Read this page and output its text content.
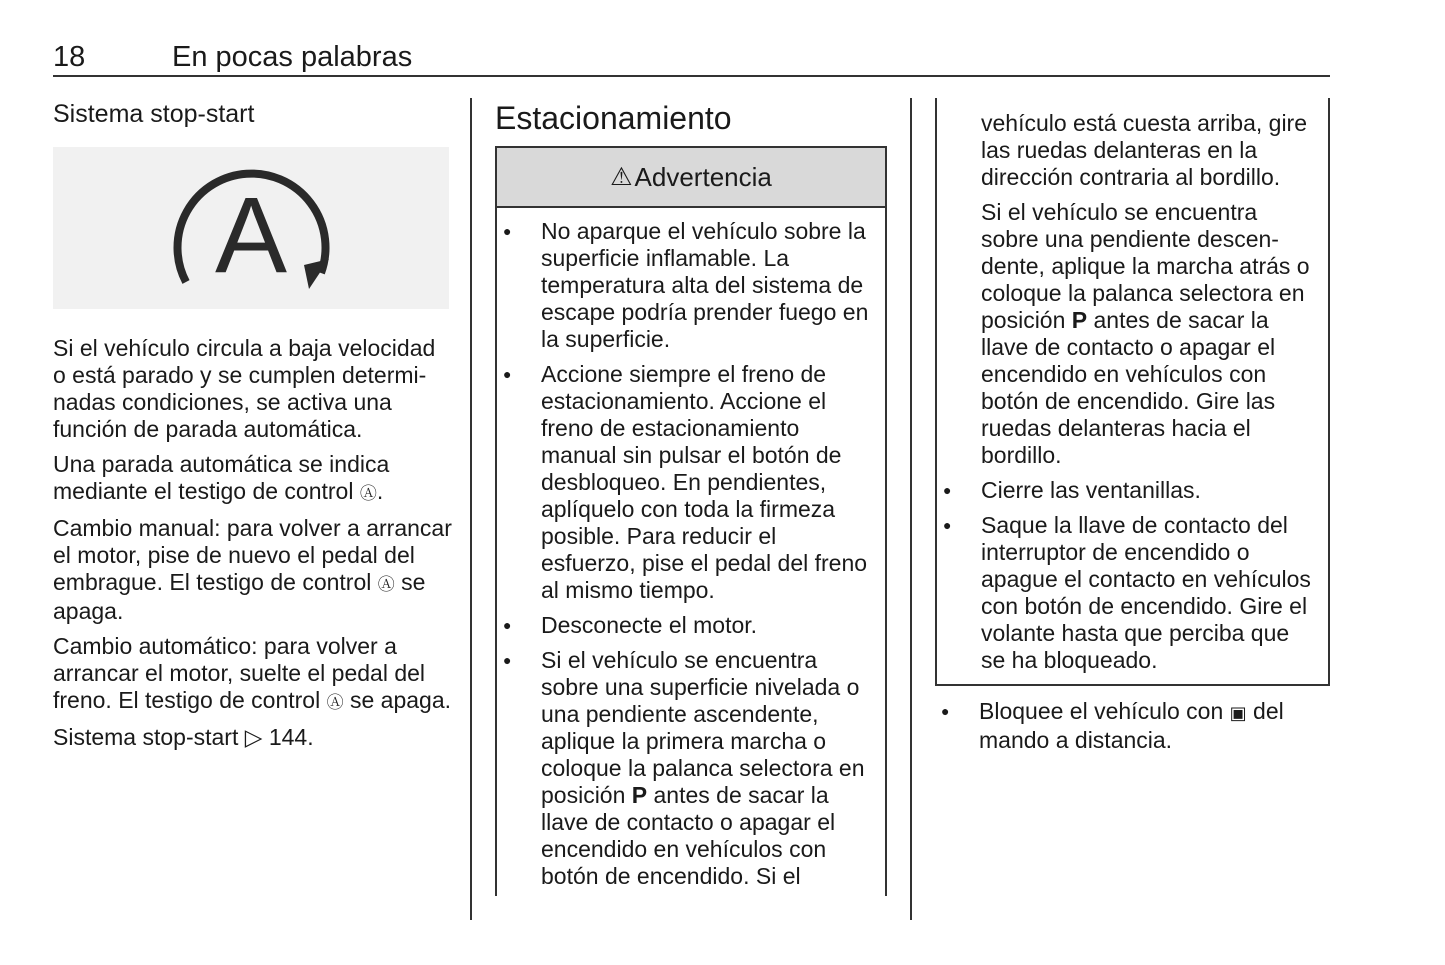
18	En pocas palabras
Sistema stop-start
A

Si el vehículo circula a baja velocidad o está parado y se cumplen determinadas condiciones, se activa una función de parada automática.

Una parada automática se indica mediante el testigo de control Ⓐ.

Cambio manual: para volver a arrancar el motor, pise de nuevo el pedal del embrague. El testigo de control Ⓐ se apaga.

Cambio automático: para volver a arrancar el motor, suelte el pedal del freno. El testigo de control Ⓐ se apaga.

Sistema stop-start ▷ 144.

Estacionamiento
⚠ Advertencia
● No aparque el vehículo sobre la superficie inflamable. La temperatura alta del sistema de escape podría prender fuego en la superficie.
● Accione siempre el freno de estacionamiento. Accione el freno de estacionamiento manual sin pulsar el botón de desbloqueo. En pendientes, aplíquelo con toda la firmeza posible. Para reducir el esfuerzo, pise el pedal del freno al mismo tiempo.
● Desconecte el motor.
● Si el vehículo se encuentra sobre una superficie nivelada o una pendiente ascendente, aplique la primera marcha o coloque la palanca selectora en posición P antes de sacar la llave de contacto o apagar el encendido en vehículos con botón de encendido. Si el

vehículo está cuesta arriba, gire las ruedas delanteras en la dirección contraria al bordillo.

Si el vehículo se encuentra sobre una pendiente descendente, aplique la marcha atrás o coloque la palanca selectora en posición P antes de sacar la llave de contacto o apagar el encendido en vehículos con botón de encendido. Gire las ruedas delanteras hacia el bordillo.

● Cierre las ventanillas.
● Saque la llave de contacto del interruptor de encendido o apague el contacto en vehículos con botón de encendido. Gire el volante hasta que perciba que se ha bloqueado.
● Bloquee el vehículo con ▣ del mando a distancia.
